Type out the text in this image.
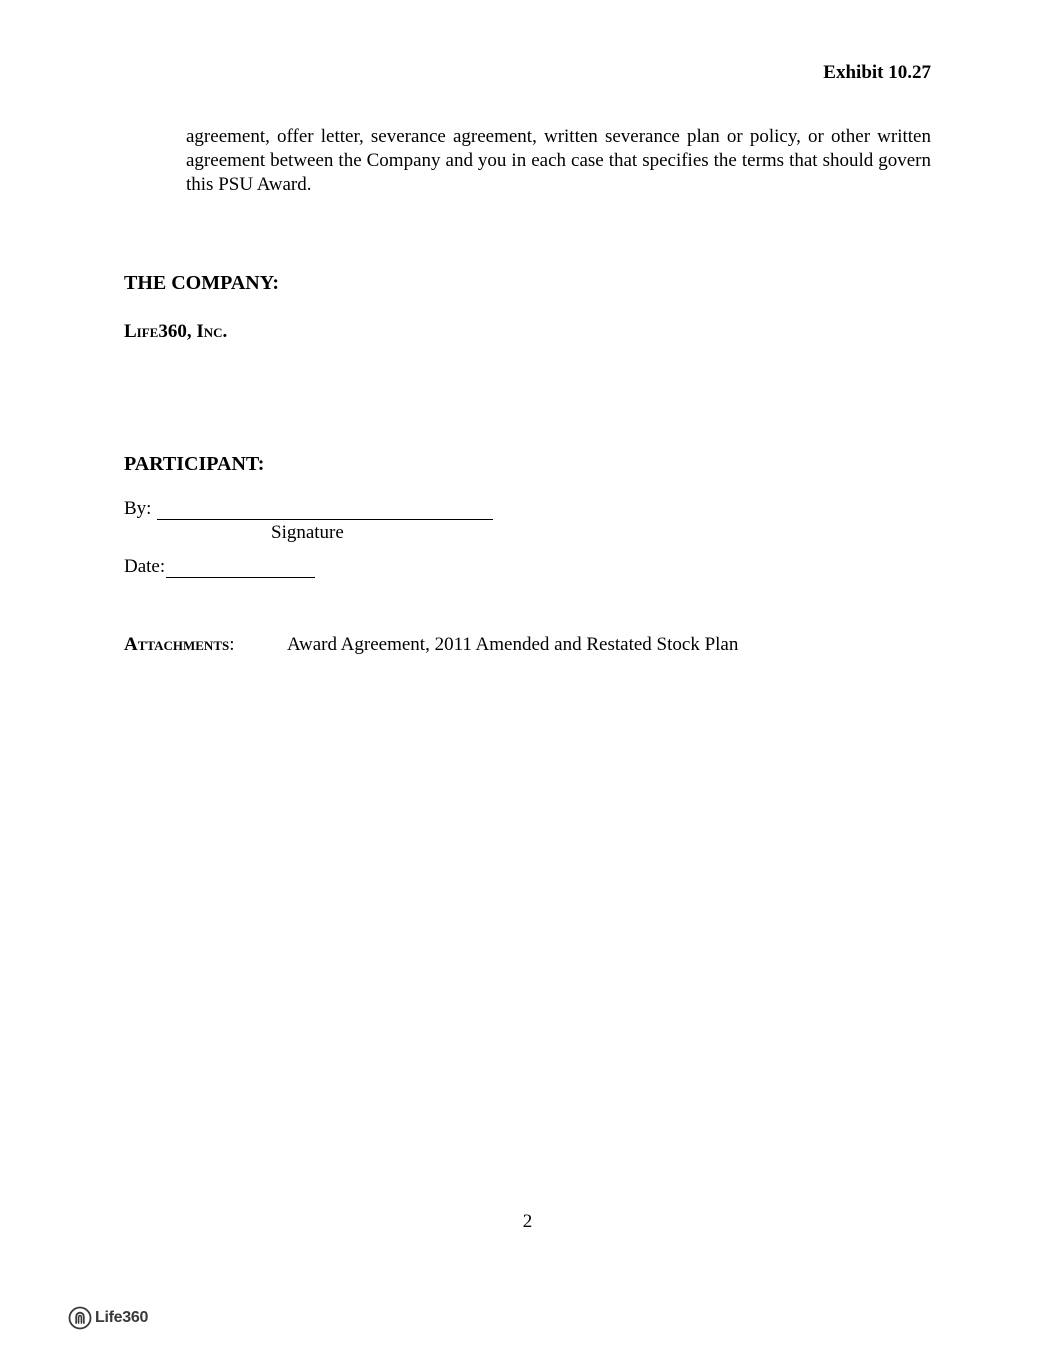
Exhibit 10.27
agreement, offer letter, severance agreement, written severance plan or policy, or other written agreement between the Company and you in each case that specifies the terms that should govern this PSU Award.
THE COMPANY:
Life360, Inc.
PARTICIPANT:
By:
Signature
Date:
Attachments:	Award Agreement, 2011 Amended and Restated Stock Plan
2
Life360
